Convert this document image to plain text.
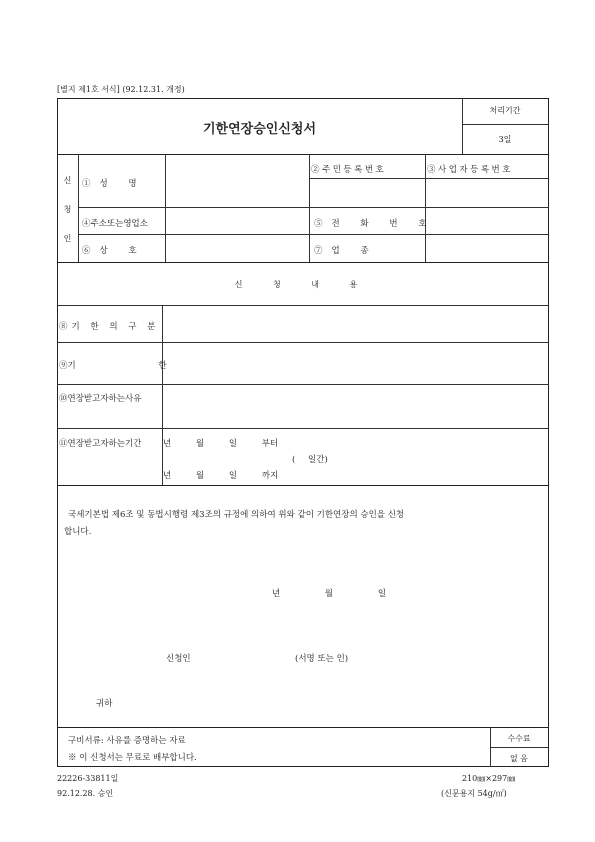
[별지 제1호 서식] (92.12.31. 개정)
기한연장승인신청서
처리기간
3일
신
청
인
①성 명
②주민등록번호	③사업자등록번호
④주소또는영업소	⑤전 화 번 호
⑥상 호	⑦업 종
신 청 내 용
⑧기 한 의 구 분
⑨기 한
⑩연장받고자하는사유
⑪연장받고자하는기간	년 월 일 부터
( 일간)
년 월 일 까지
국세기본법 제6조 및 동법시행령 제3조의 규정에 의하여 위와 같이 기한연장의 승인을 신청
합니다.
년 월 일
신청인	(서명 또는 인)
귀하
구비서류: 사유를 증명하는 자료
※ 이 신청서는 무료로 배부합니다.
수수료
없 음
22226-33811일
92.12.28. 승인
210㎜×297㎜
(신문용지 54g/㎡)
